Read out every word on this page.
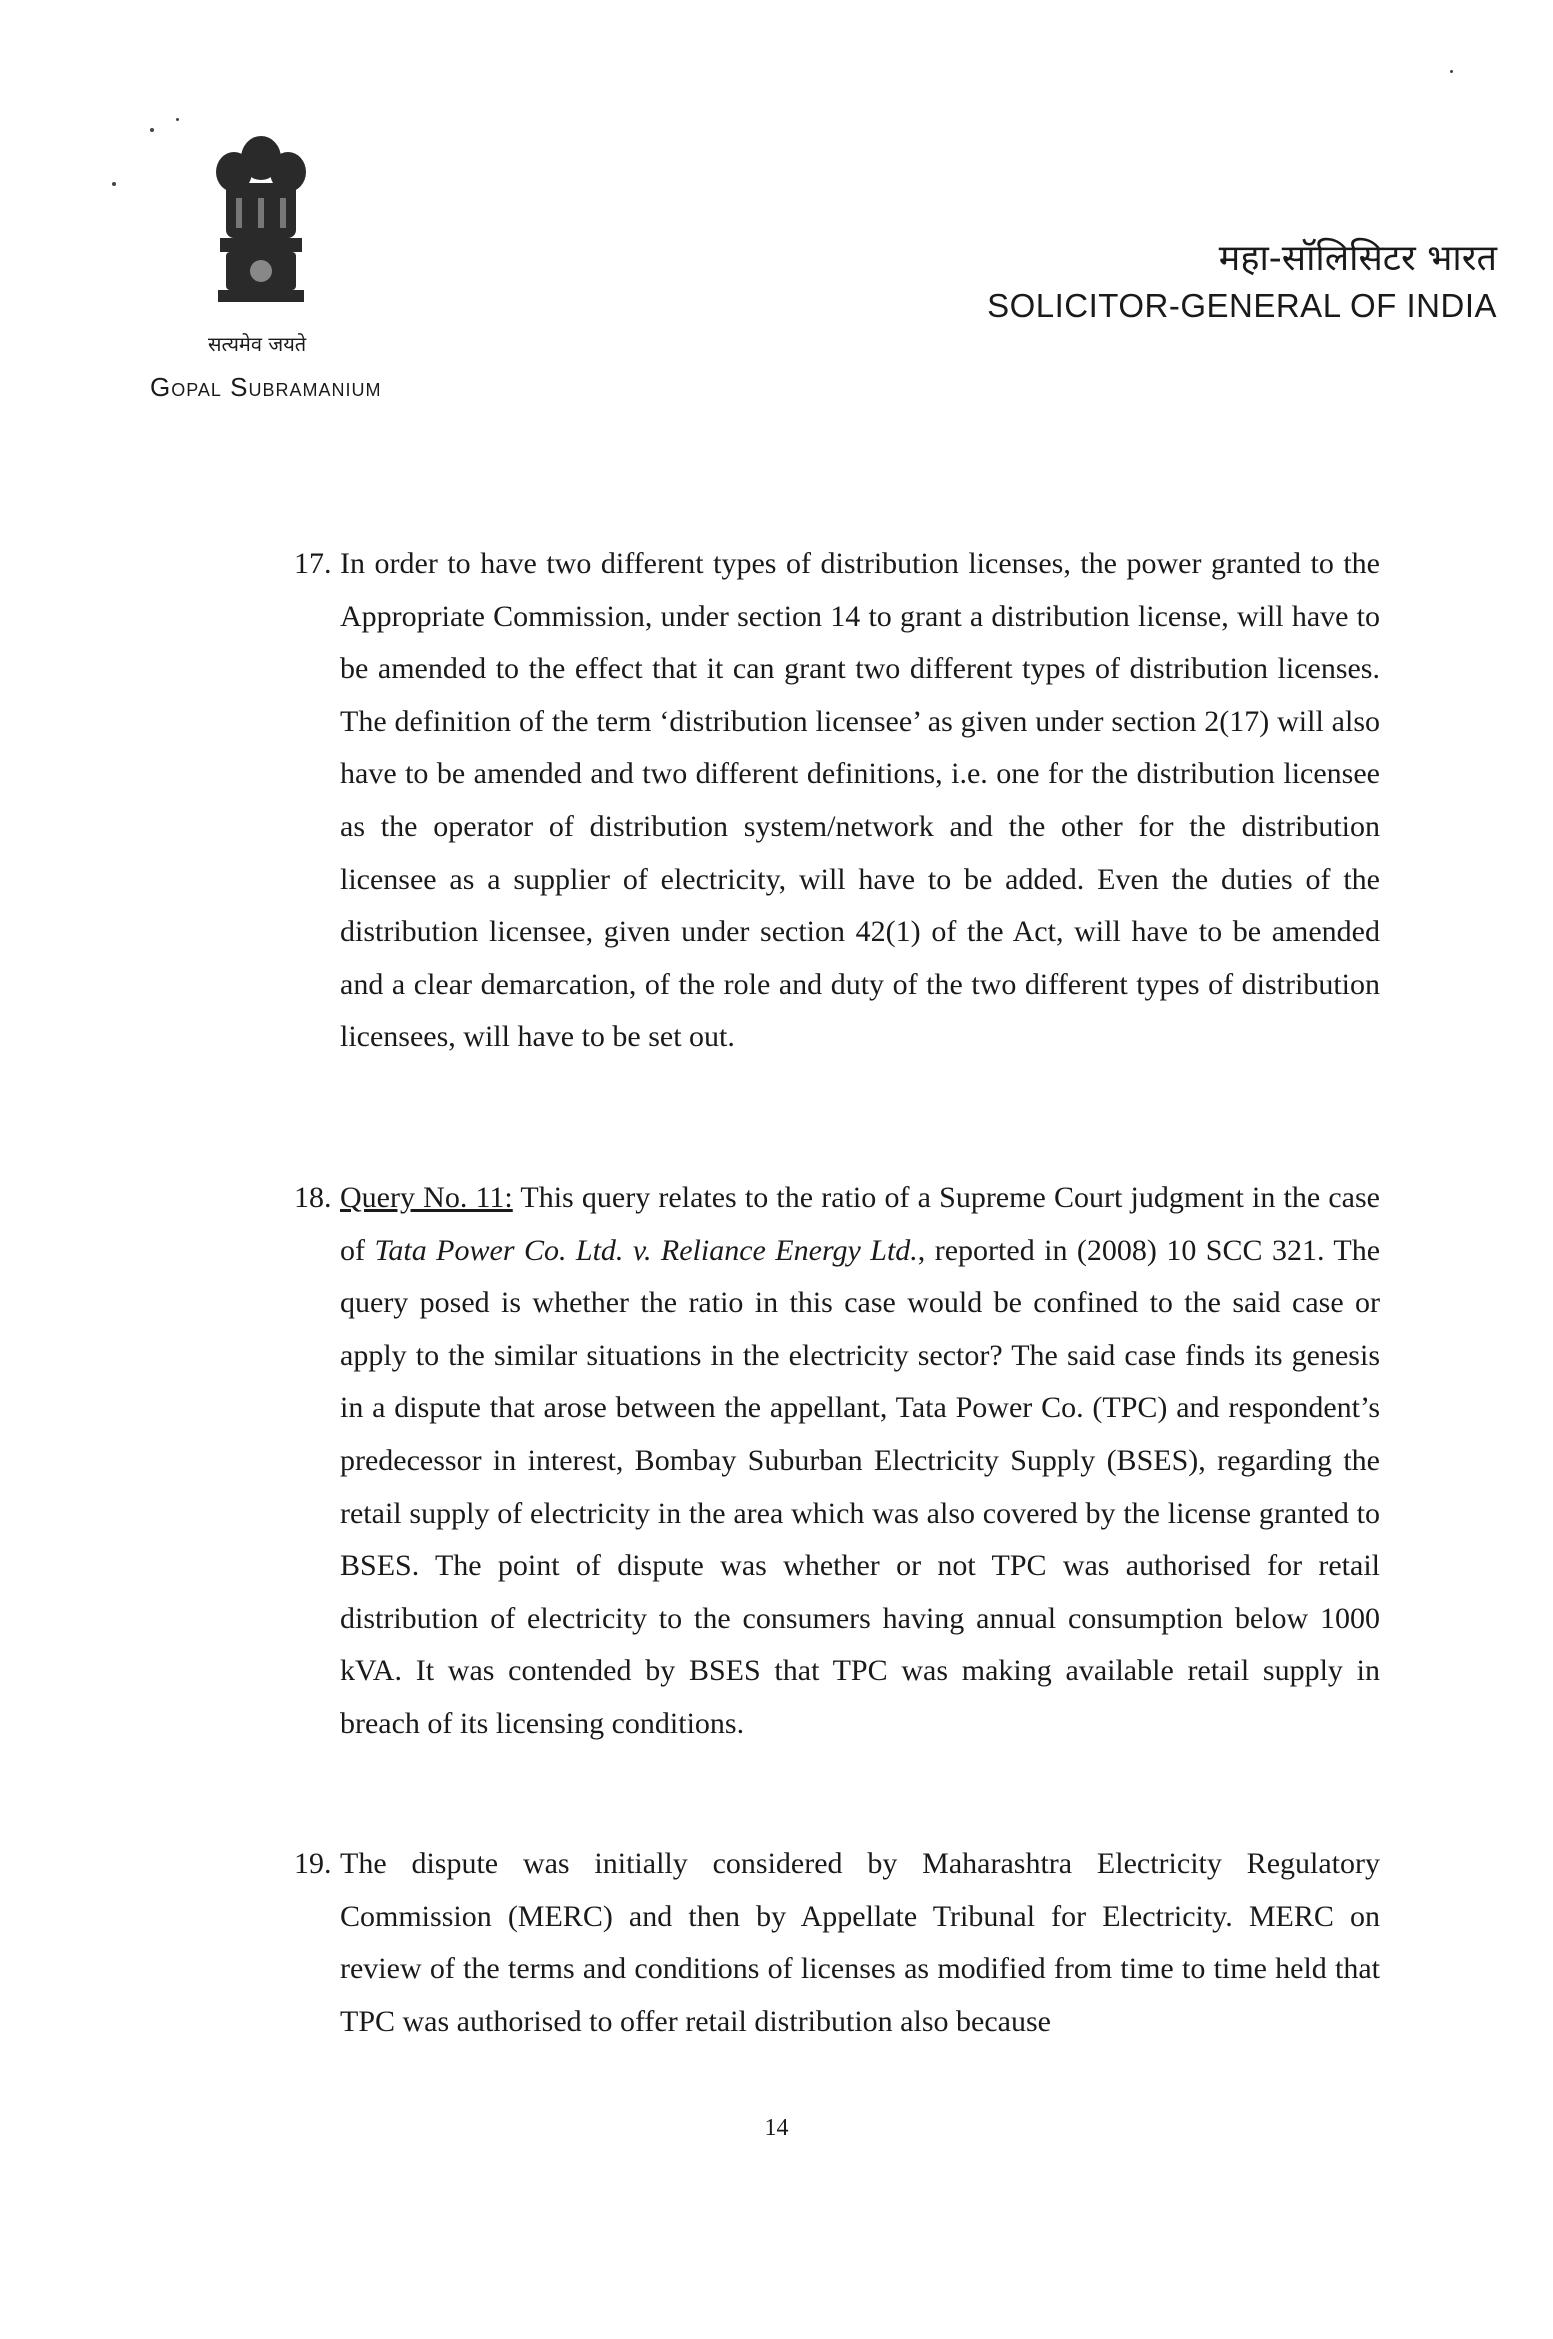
सत्यमेव जयते
Gopal Subramanium
महा-सॉलिसिटर भारत
SOLICITOR-GENERAL OF INDIA
17. In order to have two different types of distribution licenses, the power granted to the Appropriate Commission, under section 14 to grant a distribution license, will have to be amended to the effect that it can grant two different types of distribution licenses. The definition of the term ‘distribution licensee’ as given under section 2(17) will also have to be amended and two different definitions, i.e. one for the distribution licensee as the operator of distribution system/network and the other for the distribution licensee as a supplier of electricity, will have to be added. Even the duties of the distribution licensee, given under section 42(1) of the Act, will have to be amended and a clear demarcation, of the role and duty of the two different types of distribution licensees, will have to be set out.
18. Query No. 11: This query relates to the ratio of a Supreme Court judgment in the case of Tata Power Co. Ltd. v. Reliance Energy Ltd., reported in (2008) 10 SCC 321. The query posed is whether the ratio in this case would be confined to the said case or apply to the similar situations in the electricity sector? The said case finds its genesis in a dispute that arose between the appellant, Tata Power Co. (TPC) and respondent’s predecessor in interest, Bombay Suburban Electricity Supply (BSES), regarding the retail supply of electricity in the area which was also covered by the license granted to BSES. The point of dispute was whether or not TPC was authorised for retail distribution of electricity to the consumers having annual consumption below 1000 kVA. It was contended by BSES that TPC was making available retail supply in breach of its licensing conditions.
19. The dispute was initially considered by Maharashtra Electricity Regulatory Commission (MERC) and then by Appellate Tribunal for Electricity. MERC on review of the terms and conditions of licenses as modified from time to time held that TPC was authorised to offer retail distribution also because
14
